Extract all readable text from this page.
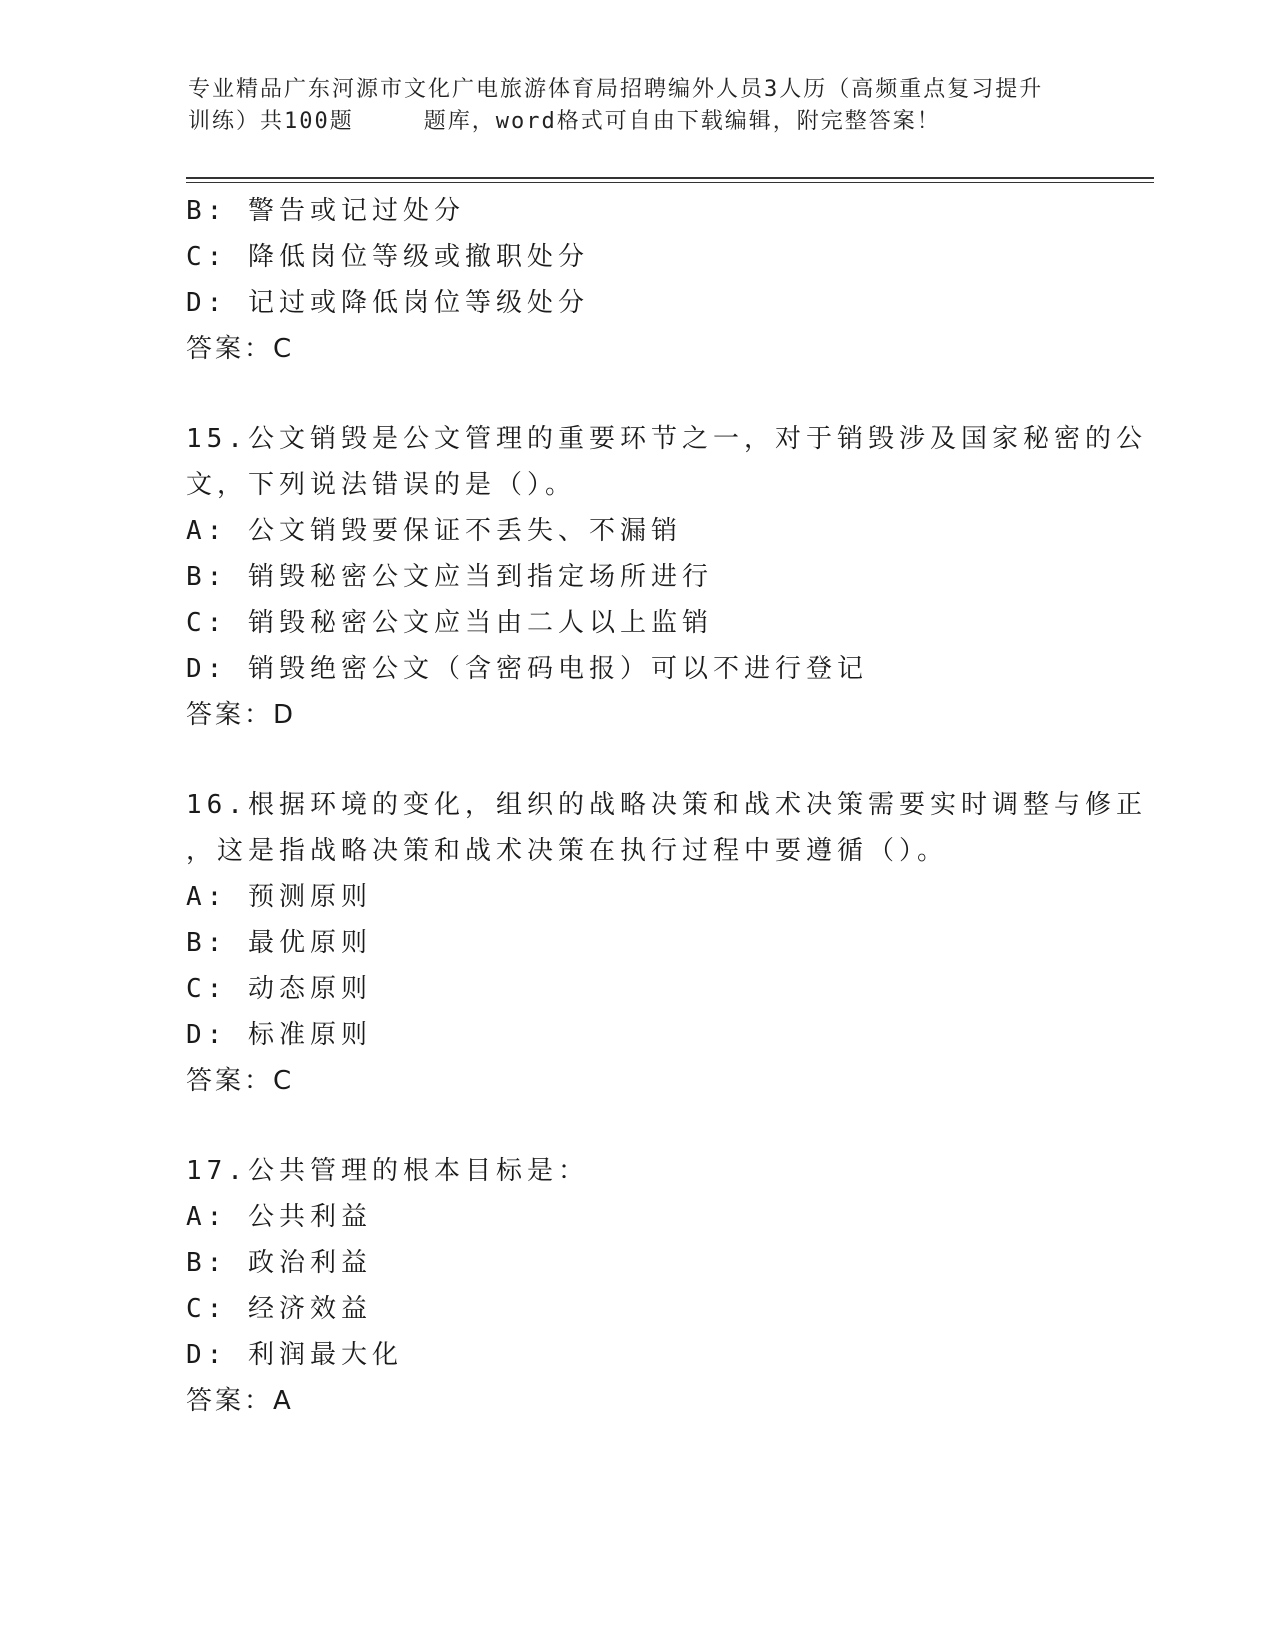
专业精品广东河源市文化广电旅游体育局招聘编外人员3人历（高频重点复习提升
训练）共100题	题库，word格式可自由下载编辑，附完整答案！
B: 警告或记过处分
C: 降低岗位等级或撤职处分
D: 记过或降低岗位等级处分
答案：C
15.公文销毁是公文管理的重要环节之一，对于销毁涉及国家秘密的公
文，下列说法错误的是（）。
A: 公文销毁要保证不丢失、不漏销
B: 销毁秘密公文应当到指定场所进行
C: 销毁秘密公文应当由二人以上监销
D: 销毁绝密公文（含密码电报）可以不进行登记
答案：D
16.根据环境的变化，组织的战略决策和战术决策需要实时调整与修正
，这是指战略决策和战术决策在执行过程中要遵循（）。
A: 预测原则
B: 最优原则
C: 动态原则
D: 标准原则
答案：C
17.公共管理的根本目标是：
A: 公共利益
B: 政治利益
C: 经济效益
D: 利润最大化
答案：A
